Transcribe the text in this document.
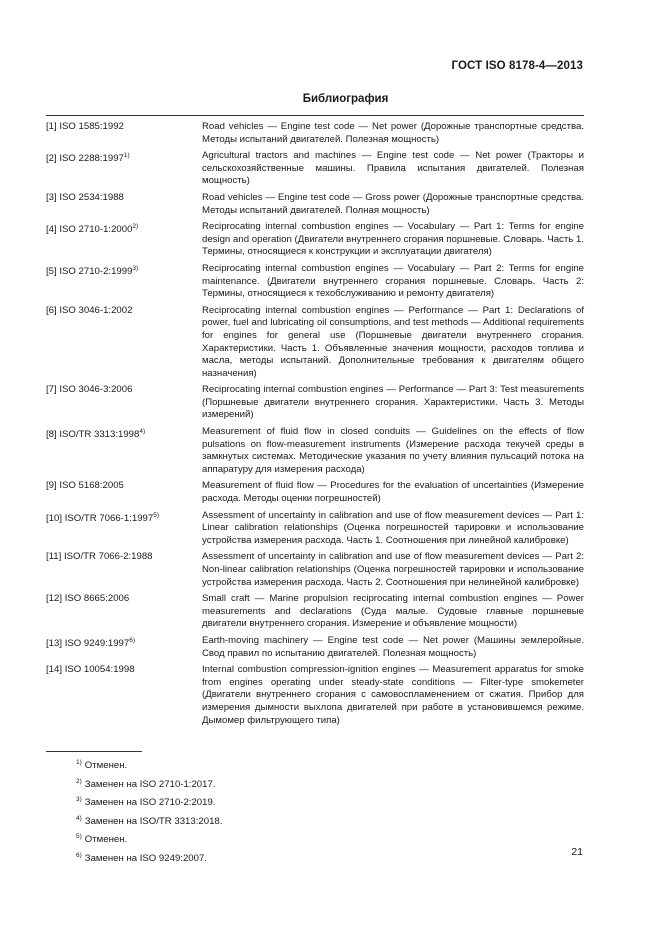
ГОСТ ISO 8178-4—2013
Библиография
[1] ISO 1585:1992	Road vehicles — Engine test code — Net power (Дорожные транспортные средства. Методы испытаний двигателей. Полезная мощность)
[2] ISO 2288:1997$^{1)}$	Agricultural tractors and machines — Engine test code — Net power (Тракторы и сельскохозяйственные машины. Правила испытания двигателей. Полезная мощность)
[3] ISO 2534:1988	Road vehicles — Engine test code — Gross power (Дорожные транспортные средства. Методы испытаний двигателей. Полная мощность)
[4] ISO 2710-1:2000$^{2)}$	Reciprocating internal combustion engines — Vocabulary — Part 1: Terms for engine design and operation (Двигатели внутреннего сгорания поршневые. Словарь. Часть 1. Термины, относящиеся к конструкции и эксплуатации двигателя)
[5] ISO 2710-2:1999$^{3)}$	Reciprocating internal combustion engines — Vocabulary — Part 2: Terms for engine maintenance. (Двигатели внутреннего сгорания поршневые. Словарь. Часть 2: Термины, относящиеся к техобслуживанию и ремонту двигателя)
[6] ISO 3046-1:2002	Reciprocating internal combustion engines — Performance — Part 1: Declarations of power, fuel and lubricating oil consumptions, and test methods — Additional requirements for engines for general use (Поршневые двигатели внутреннего сгорания. Характеристики. Часть 1. Объявленные значения мощности, расходов топлива и масла, методы испытаний. Дополнительные требования к двигателям общего назначения)
[7] ISO 3046-3:2006	Reciprocating internal combustion engines — Performance — Part 3: Test measurements (Поршневые двигатели внутреннего сгорания. Характеристики. Часть 3. Методы измерений)
[8] ISO/TR 3313:1998$^{4)}$	Measurement of fluid flow in closed conduits — Guidelines on the effects of flow pulsations on flow-measurement instruments (Измерение расхода текучей среды в замкнутых системах. Методические указания по учету влияния пульсаций потока на аппаратуру для измерения расхода)
[9] ISO 5168:2005	Measurement of fluid flow — Procedures for the evaluation of uncertainties (Измерение расхода. Методы оценки погрешностей)
[10] ISO/TR 7066-1:1997$^{5)}$	Assessment of uncertainty in calibration and use of flow measurement devices — Part 1: Linear calibration relationships (Оценка погрешностей тарировки и использование устройства измерения расхода. Часть 1. Соотношения при линейной калибровке)
[11] ISO/TR 7066-2:1988	Assessment of uncertainty in calibration and use of flow measurement devices — Part 2: Non-linear calibration relationships (Оценка погрешностей тарировки и использование устройства измерения расхода. Часть 2. Соотношения при нелинейной калибровке)
[12] ISO 8665:2006	Small craft — Marine propulsion reciprocating internal combustion engines — Power measurements and declarations (Суда малые. Судовые главные поршневые двигатели внутреннего сгорания. Измерение и объявление мощности)
[13] ISO 9249:1997$^{6)}$	Earth-moving machinery — Engine test code — Net power (Машины землеройные. Свод правил по испытанию двигателей. Полезная мощность)
[14] ISO 10054:1998	Internal combustion compression-ignition engines — Measurement apparatus for smoke from engines operating under steady-state conditions — Filter-type smokemeter (Двигатели внутреннего сгорания с самовоспламенением от сжатия. Прибор для измерения дымности выхлопа двигателей при работе в установившемся режиме. Дымомер фильтрующего типа)
$^{1)}$ Отменен.
$^{2)}$ Заменен на ISO 2710-1:2017.
$^{3)}$ Заменен на ISO 2710-2:2019.
$^{4)}$ Заменен на ISO/TR 3313:2018.
$^{5)}$ Отменен.
$^{6)}$ Заменен на ISO 9249:2007.
21
